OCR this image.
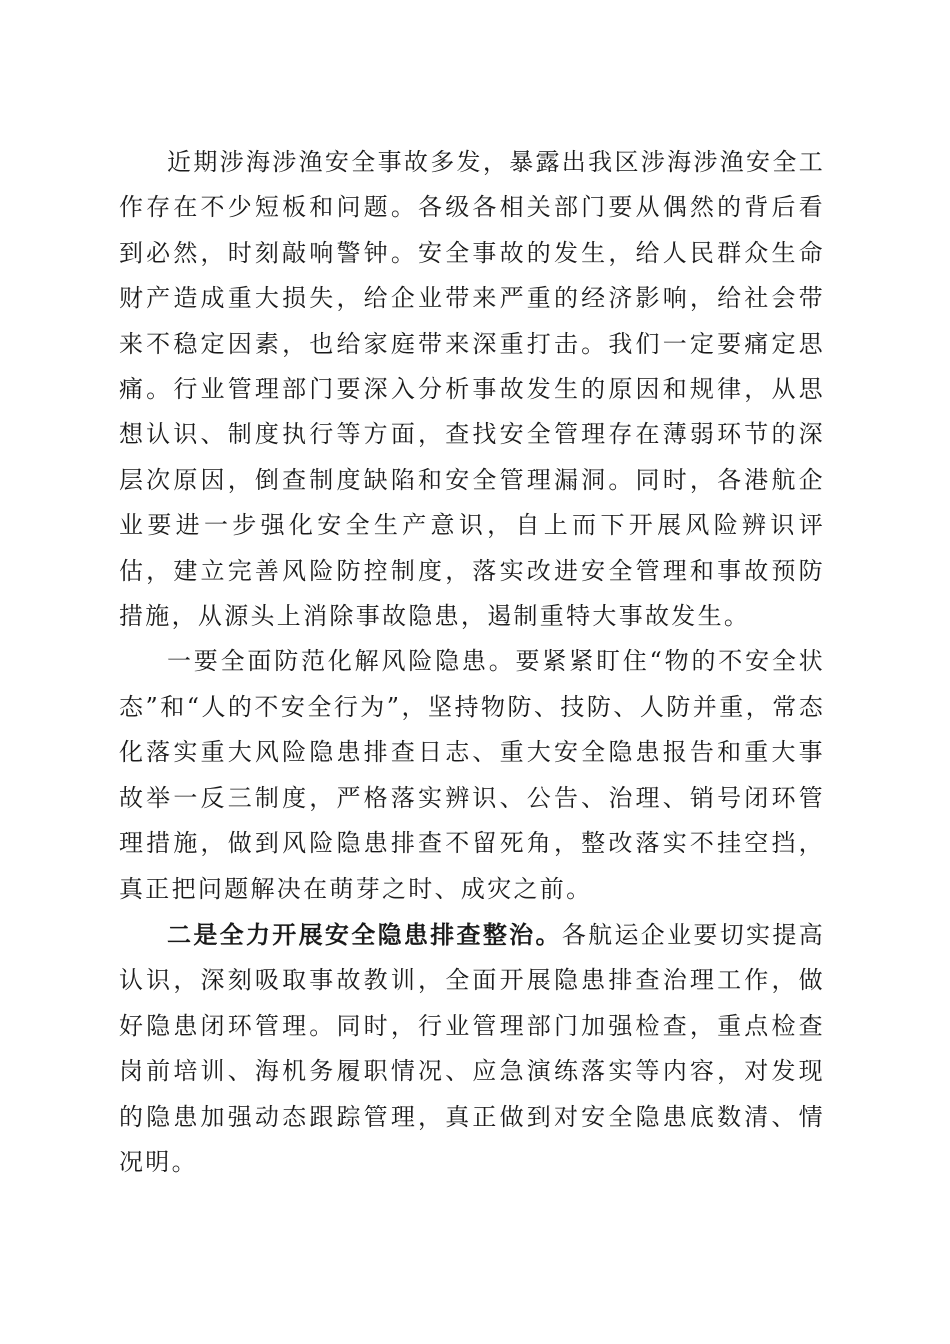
近期涉海涉渔安全事故多发，暴露出我区涉海涉渔安全工作存在不少短板和问题。各级各相关部门要从偶然的背后看到必然，时刻敲响警钟。安全事故的发生，给人民群众生命财产造成重大损失，给企业带来严重的经济影响，给社会带来不稳定因素，也给家庭带来深重打击。我们一定要痛定思痛。行业管理部门要深入分析事故发生的原因和规律，从思想认识、制度执行等方面，查找安全管理存在薄弱环节的深层次原因，倒查制度缺陷和安全管理漏洞。同时，各港航企业要进一步强化安全生产意识，自上而下开展风险辨识评估，建立完善风险防控制度，落实改进安全管理和事故预防措施，从源头上消除事故隐患，遏制重特大事故发生。

一要全面防范化解风险隐患。要紧紧盯住“物的不安全状态”和“人的不安全行为”，坚持物防、技防、人防并重，常态化落实重大风险隐患排查日志、重大安全隐患报告和重大事故举一反三制度，严格落实辨识、公告、治理、销号闭环管理措施，做到风险隐患排查不留死角，整改落实不挂空挡，真正把问题解决在萌芽之时、成灾之前。

二是全力开展安全隐患排查整治。各航运企业要切实提高认识，深刻吸取事故教训，全面开展隐患排查治理工作，做好隐患闭环管理。同时，行业管理部门加强检查，重点检查岗前培训、海机务履职情况、应急演练落实等内容，对发现的隐患加强动态跟踪管理，真正做到对安全隐患底数清、情况明。
